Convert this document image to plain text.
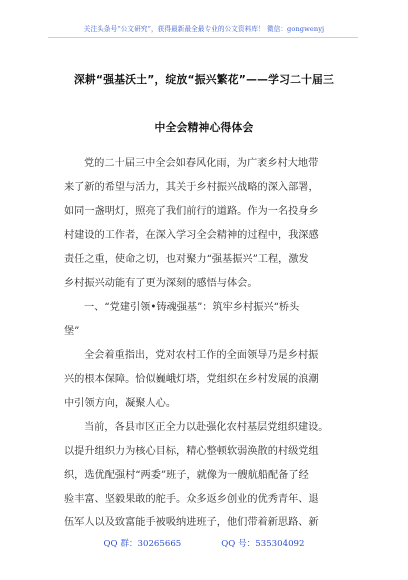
关注头条号“公文研究”，获得最新最全最专业的公文资料库！ 微信：gongwenyj
深耕“强基沃土”，绽放“振兴繁花”——学习二十届三
中全会精神心得体会
党的二十届三中全会如春风化雨，为广袤乡村大地带
来了新的希望与活力，其关于乡村振兴战略的深入部署，
如同一盏明灯，照亮了我们前行的道路。作为一名投身乡
村建设的工作者，在深入学习全会精神的过程中，我深感
责任之重，使命之切，也对聚力“强基振兴”工程，激发
乡村振兴动能有了更为深刻的感悟与体会。
一、“党建引领•铸魂强基”：筑牢乡村振兴“桥头
堡”
全会着重指出，党对农村工作的全面领导乃是乡村振
兴的根本保障。恰似巍峨灯塔，党组织在乡村发展的浪潮
中引领方向，凝聚人心。
当前，各县市区正全力以赴强化农村基层党组织建设。
以提升组织力为核心目标，精心整顿软弱涣散的村级党组
织，选优配强村“两委”班子，就像为一艘航船配备了经
验丰富、坚毅果敢的舵手。众多返乡创业的优秀青年、退
伍军人以及致富能手被吸纳进班子，他们带着新思路、新
QQ 群：30265665	QQ 号：535304092
